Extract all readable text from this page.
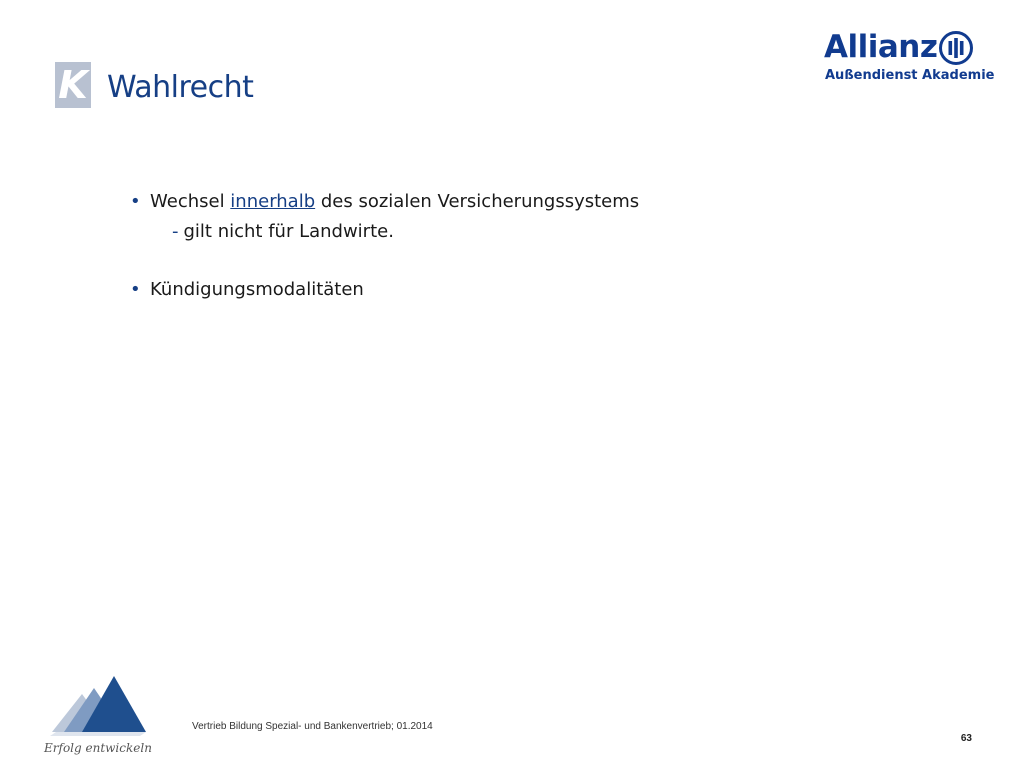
K Wahlrecht
Allianz
Außendienst Akademie
• Wechsel innerhalb des sozialen Versicherungssystems
- gilt nicht für Landwirte.
• Kündigungsmodalitäten
Erfolg entwickeln
Vertrieb Bildung Spezial- und Bankenvertrieb; 01.2014
63
